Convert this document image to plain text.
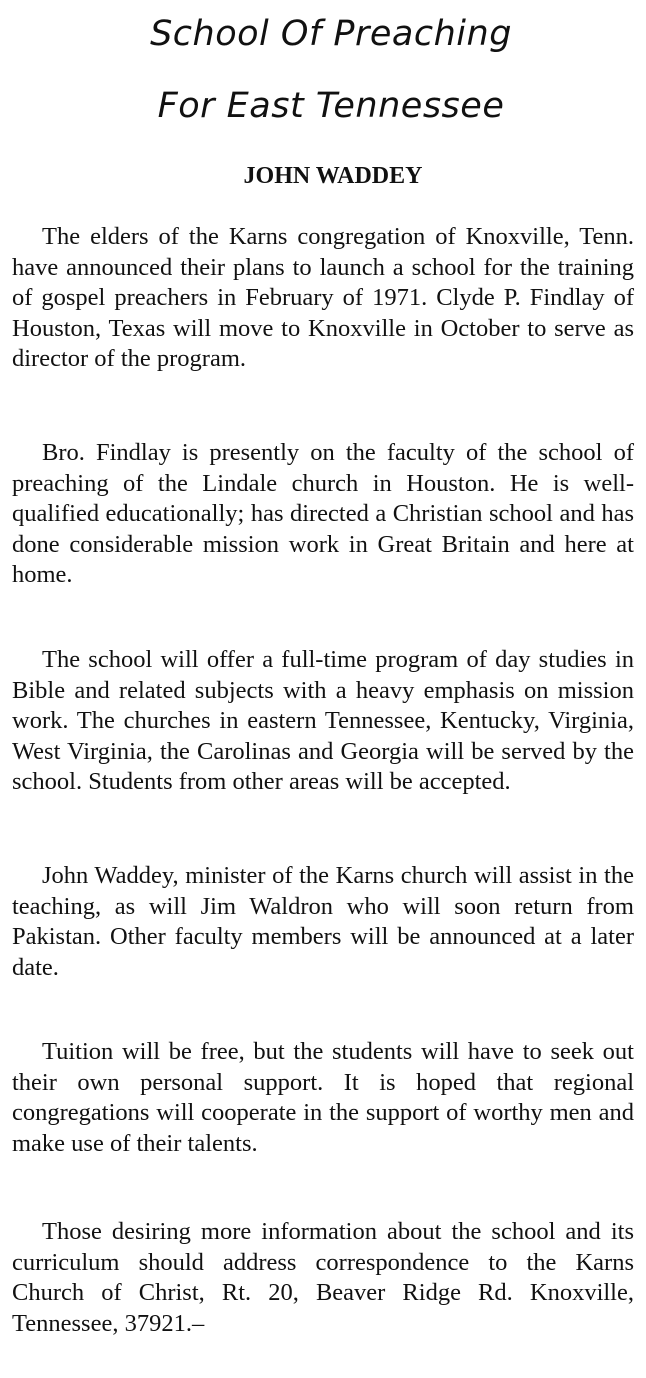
School Of Preaching
For East Tennessee

JOHN WADDEY

The elders of the Karns congregation of Knoxville, Tenn. have announced their plans to launch a school for the training of gospel preachers in February of 1971. Clyde P. Findlay of Houston, Texas will move to Knoxville in October to serve as director of the program.

Bro. Findlay is presently on the faculty of the school of preaching of the Lindale church in Houston. He is well-qualified educationally; has directed a Christian school and has done considerable mission work in Great Britain and here at home.

The school will offer a full-time program of day studies in Bible and related subjects with a heavy emphasis on mission work. The churches in eastern Tennessee, Kentucky, Virginia, West Virginia, the Carolinas and Georgia will be served by the school. Students from other areas will be accepted.

John Waddey, minister of the Karns church will assist in the teaching, as will Jim Waldron who will soon return from Pakistan. Other faculty members will be announced at a later date.

Tuition will be free, but the students will have to seek out their own personal support. It is hoped that regional congregations will cooperate in the support of worthy men and make use of their talents.

Those desiring more information about the school and its curriculum should address correspondence to the Karns Church of Christ, Rt. 20, Beaver Ridge Rd. Knoxville, Tennessee, 37921.–
